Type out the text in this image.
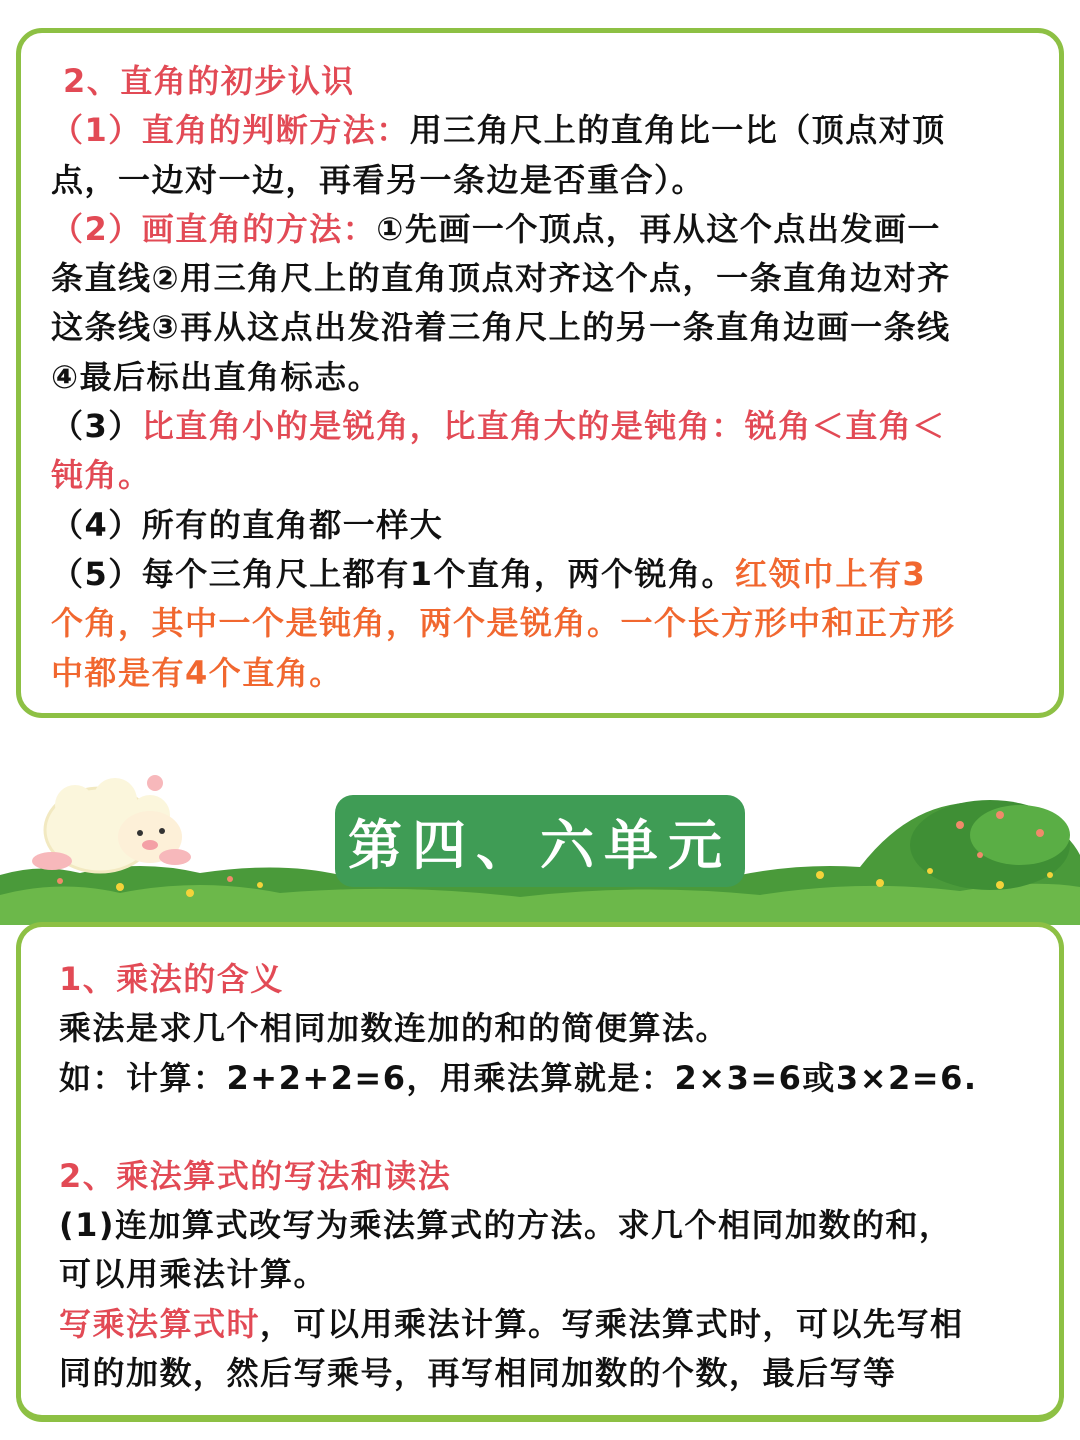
2、直角的初步认识
（1）直角的判断方法：用三角尺上的直角比一比（顶点对顶
点，一边对一边，再看另一条边是否重合）。
（2）画直角的方法：①先画一个顶点，再从这个点出发画一
条直线②用三角尺上的直角顶点对齐这个点，一条直角边对齐
这条线③再从这点出发沿着三角尺上的另一条直角边画一条线
④最后标出直角标志。
（3）比直角小的是锐角，比直角大的是钝角：锐角＜直角＜
钝角。
（4）所有的直角都一样大
（5）每个三角尺上都有1个直角，两个锐角。红领巾上有3
个角，其中一个是钝角，两个是锐角。一个长方形中和正方形
中都是有4个直角。
第四、六单元
1、乘法的含义
乘法是求几个相同加数连加的和的简便算法。
如：计算：2+2+2=6，用乘法算就是：2×3=6或3×2=6.
2、乘法算式的写法和读法
(1)连加算式改写为乘法算式的方法。求几个相同加数的和，
可以用乘法计算。
写乘法算式时，可以用乘法计算。写乘法算式时，可以先写相
同的加数，然后写乘号，再写相同加数的个数，最后写等
